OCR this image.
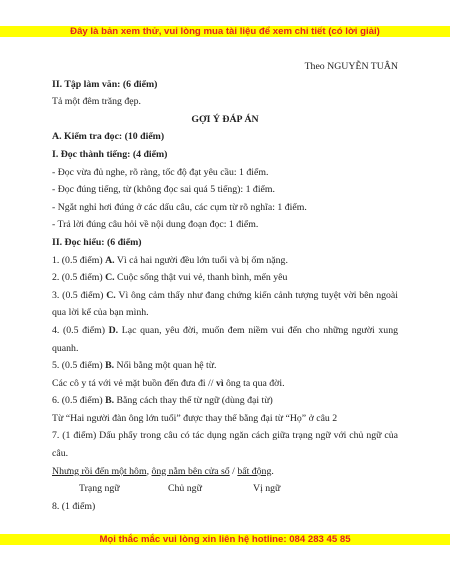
Đây là bản xem thử, vui lòng mua tài liệu để xem chi tiết (có lời giải)
Theo NGUYỄN TUÂN
II. Tập làm văn: (6 điểm)
Tả một đêm trăng đẹp.
GỢI Ý ĐÁP ÁN
A. Kiểm tra đọc: (10 điểm)
I. Đọc thành tiếng: (4 điểm)
- Đọc vừa đủ nghe, rõ ràng, tốc độ đạt yêu cầu: 1 điểm.
- Đọc đúng tiếng, từ (không đọc sai quá 5 tiếng): 1 điểm.
- Ngắt nghỉ hơi đúng ở các dấu câu, các cụm từ rõ nghĩa: 1 điểm.
- Trả lời đúng câu hỏi về nội dung đoạn đọc: 1 điểm.
II. Đọc hiểu: (6 điểm)
1. (0.5 điểm) A. Vì cả hai người đều lớn tuổi và bị ốm nặng.
2. (0.5 điểm) C. Cuộc sống thật vui vẻ, thanh bình, mến yêu
3. (0.5 điểm) C. Vì ông cảm thấy như đang chứng kiến cảnh tượng tuyệt vời bên ngoài qua lời kể của bạn mình.
4. (0.5 điểm) D. Lạc quan, yêu đời, muốn đem niềm vui đến cho những người xung quanh.
5. (0.5 điểm) B. Nối bằng một quan hệ từ.
Các cô y tá với vẻ mặt buồn đến đưa đi // vì ông ta qua đời.
6. (0.5 điểm) B. Bằng cách thay thế từ ngữ (dùng đại từ)
Từ “Hai người đàn ông lớn tuổi” được thay thế bằng đại từ “Họ” ở câu 2
7. (1 điểm) Dấu phẩy trong câu có tác dụng ngăn cách giữa trạng ngữ với chủ ngữ của câu.
Nhưng rồi đến một hôm, ông nằm bên cửa sổ / bất động.
Trạng ngữ	Chủ ngữ	Vị ngữ
8. (1 điểm)
Mọi thắc mắc vui lòng xin liên hệ hotline: 084 283 45 85
